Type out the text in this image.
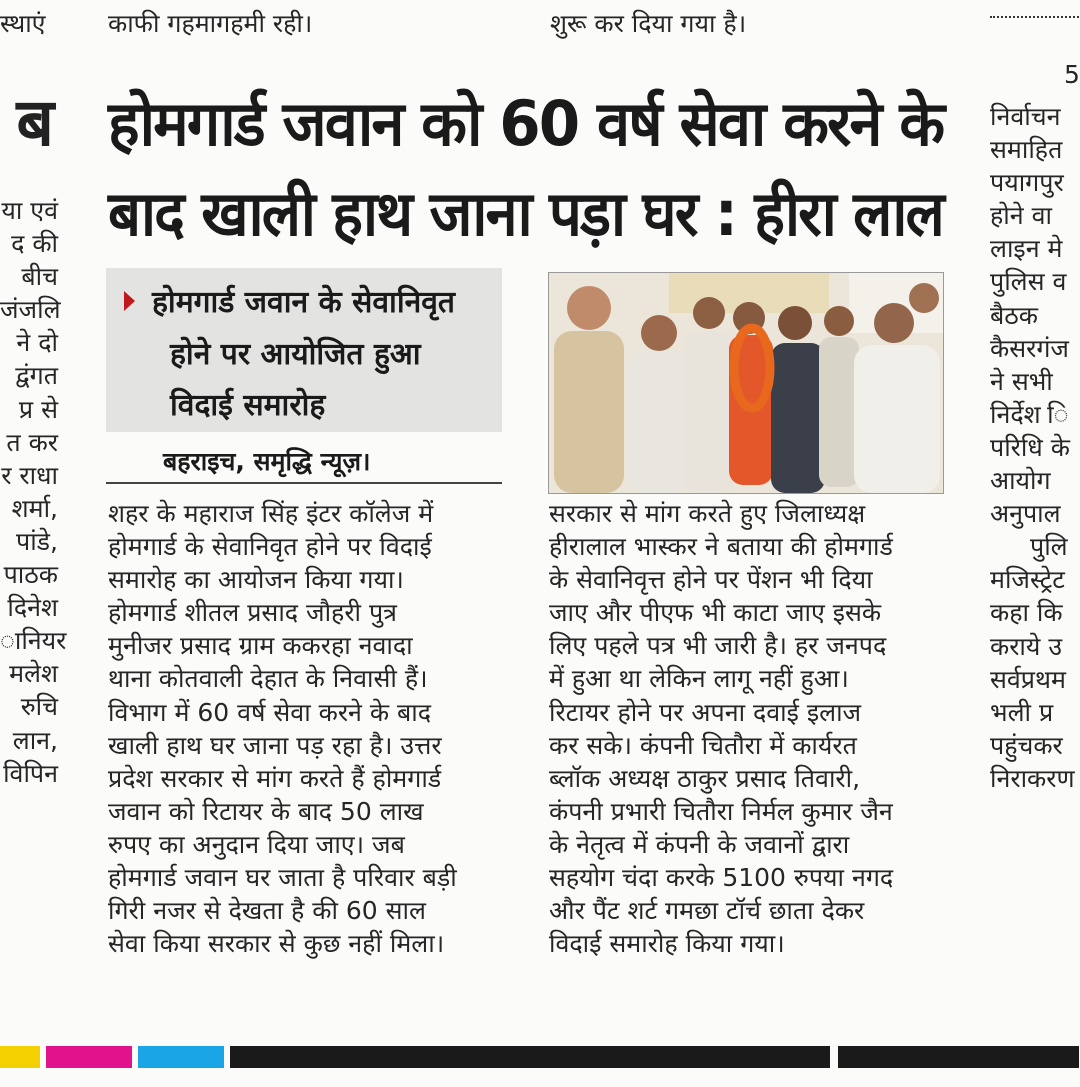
स्थाएं काफी गहमागहमी रही।	शुरू कर दिया गया है।
5
ब
या एवं
द की
बीच
जंजलि
ने दो
द्वंगत
प्र से
त कर
र राधा
शर्मा,
पांडे,
पाठक
दिनेश
ानियर
मलेश
रुचि
लान,
विपिन
होमगार्ड जवान को 60 वर्ष सेवा करने के
बाद खाली हाथ जाना पड़ा घर : हीरा लाल
होमगार्ड जवान के सेवानिवृत
होने पर आयोजित हुआ
विदाई समारोह
बहराइच, समृद्धि न्यूज़।
शहर के महाराज सिंह इंटर कॉलेज में
होमगार्ड के सेवानिवृत होने पर विदाई
समारोह का आयोजन किया गया।
होमगार्ड शीतल प्रसाद जौहरी पुत्र
मुनीजर प्रसाद ग्राम ककरहा नवादा
थाना कोतवाली देहात के निवासी हैं।
विभाग में 60 वर्ष सेवा करने के बाद
खाली हाथ घर जाना पड़ रहा है। उत्तर
प्रदेश सरकार से मांग करते हैं होमगार्ड
जवान को रिटायर के बाद 50 लाख
रुपए का अनुदान दिया जाए। जब
होमगार्ड जवान घर जाता है परिवार बड़ी
गिरी नजर से देखता है की 60 साल
सेवा किया सरकार से कुछ नहीं मिला।
सरकार से मांग करते हुए जिलाध्यक्ष
हीरालाल भास्कर ने बताया की होमगार्ड
के सेवानिवृत्त होने पर पेंशन भी दिया
जाए और पीएफ भी काटा जाए इसके
लिए पहले पत्र भी जारी है। हर जनपद
में हुआ था लेकिन लागू नहीं हुआ।
रिटायर होने पर अपना दवाई इलाज
कर सके। कंपनी चितौरा में कार्यरत
ब्लॉक अध्यक्ष ठाकुर प्रसाद तिवारी,
कंपनी प्रभारी चितौरा निर्मल कुमार जैन
के नेतृत्व में कंपनी के जवानों द्वारा
सहयोग चंदा करके 5100 रुपया नगद
और पैंट शर्ट गमछा टॉर्च छाता देकर
विदाई समारोह किया गया।
निर्वाचन
समाहित
पयागपुर
होने वा
लाइन मे
पुलिस व
बैठक
कैसरगंज
ने सभी
निर्देश ि
परिधि के
आयोग
अनुपाल
पुलि
मजिस्ट्रेट
कहा कि
कराये उ
सर्वप्रथम
भली प्र
पहुंचकर
निराकरण
